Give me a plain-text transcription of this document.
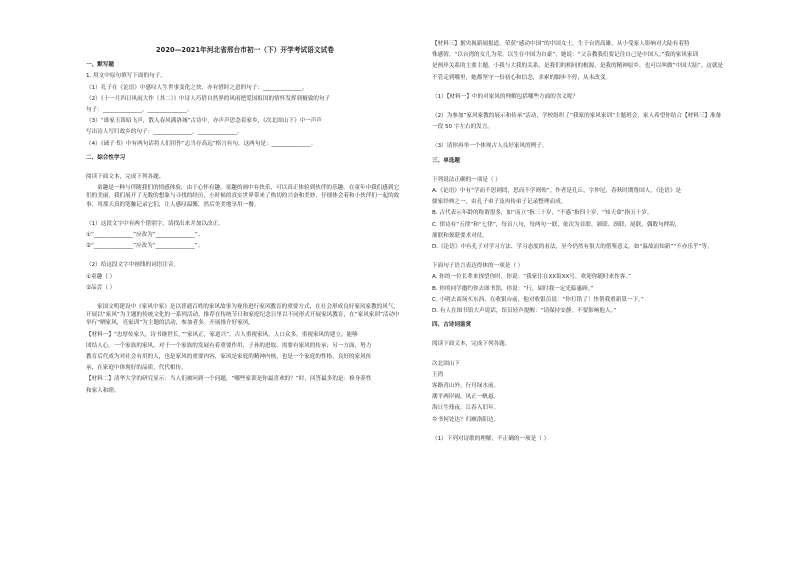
2020—2021年河北省邢台市初一（下）开学考试语文试卷
一、默写题

1. 用文中原句填写下面的句子。

（1）孔子在《论语》中感叹人生世事变化之快，亦有惜时之意的句子：______________。

（2）《十一月四日风雨大作（其二）》中诗人巧借自然界的风雨把爱国报国的情怀发挥到极致的句子

句子：______________，______________。

（3）“谁家玉笛暗飞声，散入春风满洛城”古诗中，亦声声思念着家乡，《次北固山下》中一声声

写出诗人写归故乡的句子：______________，______________。

（4）《诫子书》中有两句话将人们用作“志当存高远”格言有句，这两句是：______________。

二、综合性学习

阅读下面文本，完成下列各题。

童趣是一种与伴随我们的情感体验，由于心怀有趣，童趣的画中有快乐，可以真正体验到伙伴的乐趣。在童年中我们感到它们的美丽，我们展开了无数的想象与寻找的经历，小时候的真实世界带来了热切的兴奋和美妙，仔细体会着和小伙伴们一起的故事，用那天真的笔触记录它们，让人感叹温馨，然后美美地享用一餐。

（1）这段文字中有两个错别字，请找出来并加以改正。

①“______________”应改为“______________”。

②“______________”应改为“______________”。

（2）给这段文字中画线的词语注音。

①童趣（ ）

②品尝（ ）

家国文明建设中《家风中家》是以普通百姓的家风故事为视角进行家风教育的重要方式，在社会形成良好家风家教的风气，开展以“家风”为主题的传统文化的一系列活动。推荐在传统节日和家庭纪念日里以不同形式开展家风教育，在“家风家训”活动中举行“晒家风，亮家训”为主题的活动，参加者多。开展推介好家风。

【材料一】“忠厚传家久，诗书继世长。”“家风正，家道兴”。古人重视家风，人口众多，重视家风的建立，能够

团结人心。一个家族的家风，对于一个家族的发展有着重要作用，子孙的进取，需要有家风的传承；另一方面，努力

教育后代成为对社会有用的人，也是家风的重要内容，家风是家庭的精神内核，也是一个家庭的性格。良好的家风传

承，在家庭中体现好的品质，代代相传。

【材料二】清华大学的研究显示：当人们被问到一个问题，“哪些家训是你最喜欢的？”时，回答最多的是：修身养性

和家人和睦。

【材料三】据央视新闻报道，荣获“感动中国”的中国女士，生于台湾高雄，从小受家人影响对大陆有着特

殊感情。“以台湾的女儿为荣，以生在中国为自豪”，她说：“父亲教我们要记住自己是中国人。”我的家风家训

是两岸关系的主要主题，小我与大我的关系，是我们的相同的根源，是我的精神原乡，也可以叫做“中国大陆”。这就是

不管走到哪里，她都坚守一份初心和信念，求索的脚步不停，从未改变。

（1）【材料一】中的对家风的理解包括哪些方面的含义呢？

（2）为参加“家风家教的展示和传承”活动，学校组织了“我家的家风家训”主题班会，家人希望你结合【材料三】准备

一段 50 字左右的发言。

（3）请你再举一个体现古人良好家风的例子。

三、单选题

下列说法正确的一项是（ ）

A.《论语》中有“学而不思则罔，思而不学则殆”。作者是孔丘，字仲尼，春秋时期鲁国人，《论语》是

儒家经典之一，由孔子弟子及再传弟子记录整理而成。

B. 古代表示年龄的称谓很多，如“而立”指三十岁，“不惑”指四十岁，“知天命”指五十岁。

C. 律诗有“五律”和“七律”，每首八句，每两句一联，依次为首联、颔联、颈联、尾联，偶数句押韵，

颔联和颈联要求对仗。

D.《论语》中有孔子对学习方法、学习态度的看法，至今仍然有很大的借鉴意义。如“温故而知新”“不亦乐乎”等。

下面句子语言表达得体的一项是（ ）

A. 你的一位长辈来探望你时，你说：“我家住在XX街XX号，欢迎你随时来作客。”

B. 你的同学邀约你去图书馆，你说：“行，届时我一定光临惠顾。”

C. 小明去商场买东西，在收银台前，他对收银员说：“你打错了！快帮我重新算一下。”

D. 有人在图书馆大声说话，馆员轻声提醒：“请保持安静，不要影响他人。”

四、古诗词鉴赏

阅读下面文本，完成下列各题。

次北固山下

王湾

客路青山外，行舟绿水前。

潮平两岸阔，风正一帆悬。

海日生残夜，江春入旧年。

乡书何处达？归雁洛阳边。

（1）下列对诗歌的理解，不正确的一项是（ ）
